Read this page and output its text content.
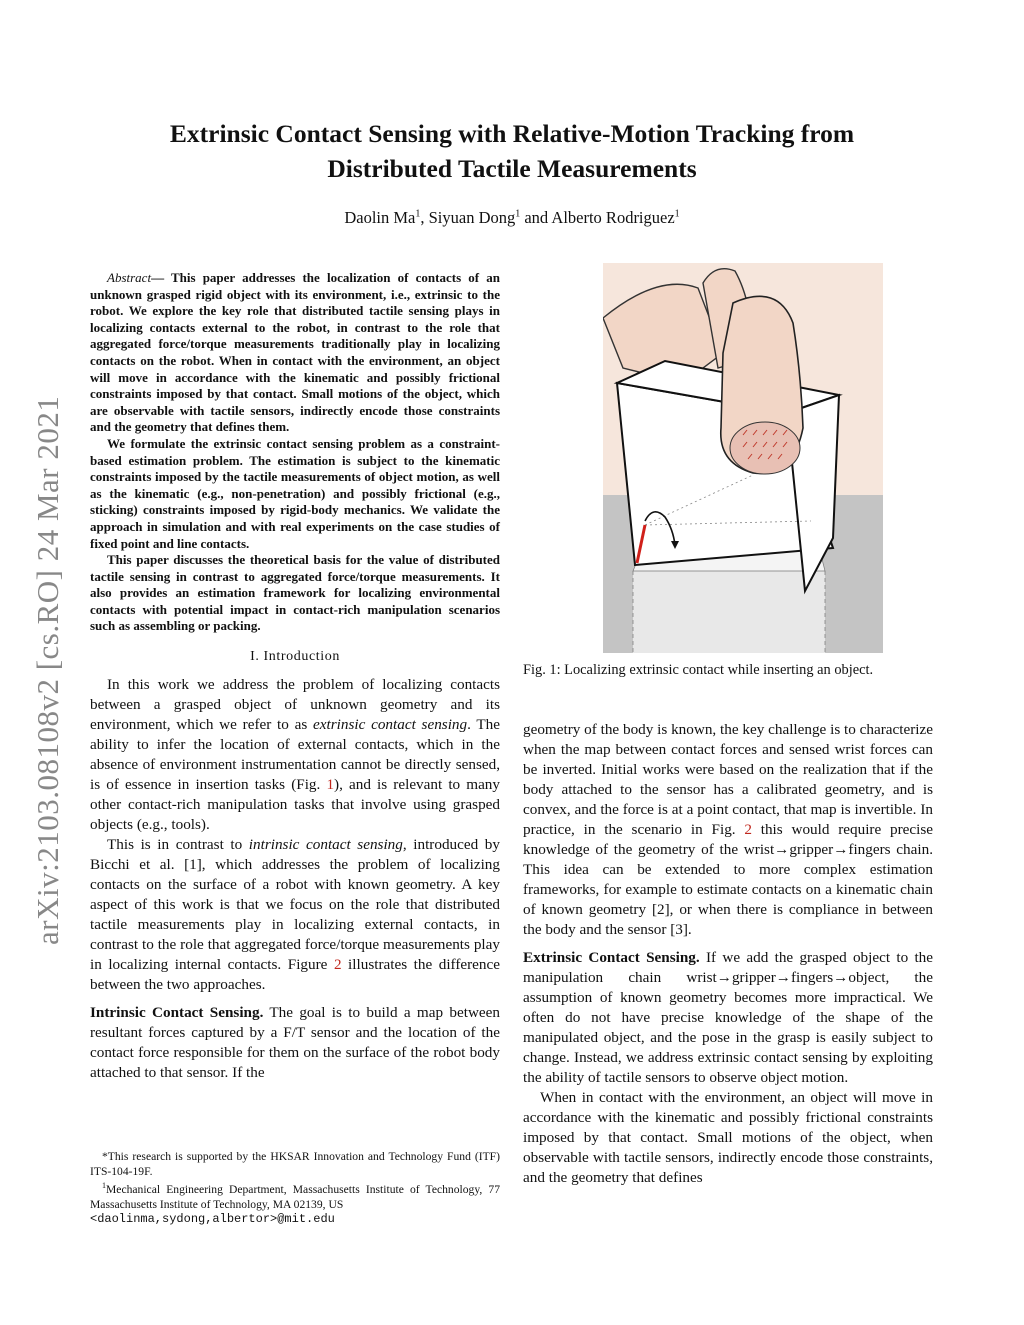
arXiv:2103.08108v2 [cs.RO] 24 Mar 2021
Extrinsic Contact Sensing with Relative-Motion Tracking from
Distributed Tactile Measurements
Daolin Ma$^1$, Siyuan Dong$^1$ and Alberto Rodriguez$^1$

Abstract— This paper addresses the localization of contacts of an unknown grasped rigid object with its environment, i.e., extrinsic to the robot. We explore the key role that distributed tactile sensing plays in localizing contacts external to the robot, in contrast to the role that aggregated force/torque measurements traditionally play in localizing contacts on the robot. When in contact with the environment, an object will move in accordance with the kinematic and possibly frictional constraints imposed by that contact. Small motions of the object, which are observable with tactile sensors, indirectly encode those constraints and the geometry that defines them.

We formulate the extrinsic contact sensing problem as a constraint-based estimation problem. The estimation is subject to the kinematic constraints imposed by the tactile measurements of object motion, as well as the kinematic (e.g., non-penetration) and possibly frictional (e.g., sticking) constraints imposed by rigid-body mechanics. We validate the approach in simulation and with real experiments on the case studies of fixed point and line contacts.

This paper discusses the theoretical basis for the value of distributed tactile sensing in contrast to aggregated force/torque measurements. It also provides an estimation framework for localizing environmental contacts with potential impact in contact-rich manipulation scenarios such as assembling or packing.

I. Introduction

In this work we address the problem of localizing contacts between a grasped object of unknown geometry and its environment, which we refer to as extrinsic contact sensing. The ability to infer the location of external contacts, which in the absence of environment instrumentation cannot be directly sensed, is of essence in insertion tasks (Fig. 1), and is relevant to many other contact-rich manipulation tasks that involve using grasped objects (e.g., tools).

This is in contrast to intrinsic contact sensing, introduced by Bicchi et al. [1], which addresses the problem of localizing contacts on the surface of a robot with known geometry. A key aspect of this work is that we focus on the role that distributed tactile measurements play in localizing external contacts, in contrast to the role that aggregated force/torque measurements play in localizing internal contacts. Figure 2 illustrates the difference between the two approaches.

Intrinsic Contact Sensing. The goal is to build a map between resultant forces captured by a F/T sensor and the location of the contact force responsible for them on the surface of the robot body attached to that sensor. If the

*This research is supported by the HKSAR Innovation and Technology Fund (ITF) ITS-104-19F.

$^1$Mechanical Engineering Department, Massachusetts Institute of Technology, 77 Massachusetts Institute of Technology, MA 02139, US

<daolinma,sydong,albertor>@mit.edu
Fig. 1: Localizing extrinsic contact while inserting an object.

geometry of the body is known, the key challenge is to characterize when the map between contact forces and sensed wrist forces can be inverted. Initial works were based on the realization that if the body attached to the sensor has a calibrated geometry, and is convex, and the force is at a point contact, that map is invertible. In practice, in the scenario in Fig. 2 this would require precise knowledge of the geometry of the wrist→gripper→fingers chain. This idea can be extended to more complex estimation frameworks, for example to estimate contacts on a kinematic chain of known geometry [2], or when there is compliance in between the body and the sensor [3].

Extrinsic Contact Sensing. If we add the grasped object to the manipulation chain wrist→gripper→fingers→object, the assumption of known geometry becomes more impractical. We often do not have precise knowledge of the shape of the manipulated object, and the pose in the grasp is easily subject to change. Instead, we address extrinsic contact sensing by exploiting the ability of tactile sensors to observe object motion.

When in contact with the environment, an object will move in accordance with the kinematic and possibly frictional constraints imposed by that contact. Small motions of the object, when observable with tactile sensors, indirectly encode those constraints, and the geometry that defines
